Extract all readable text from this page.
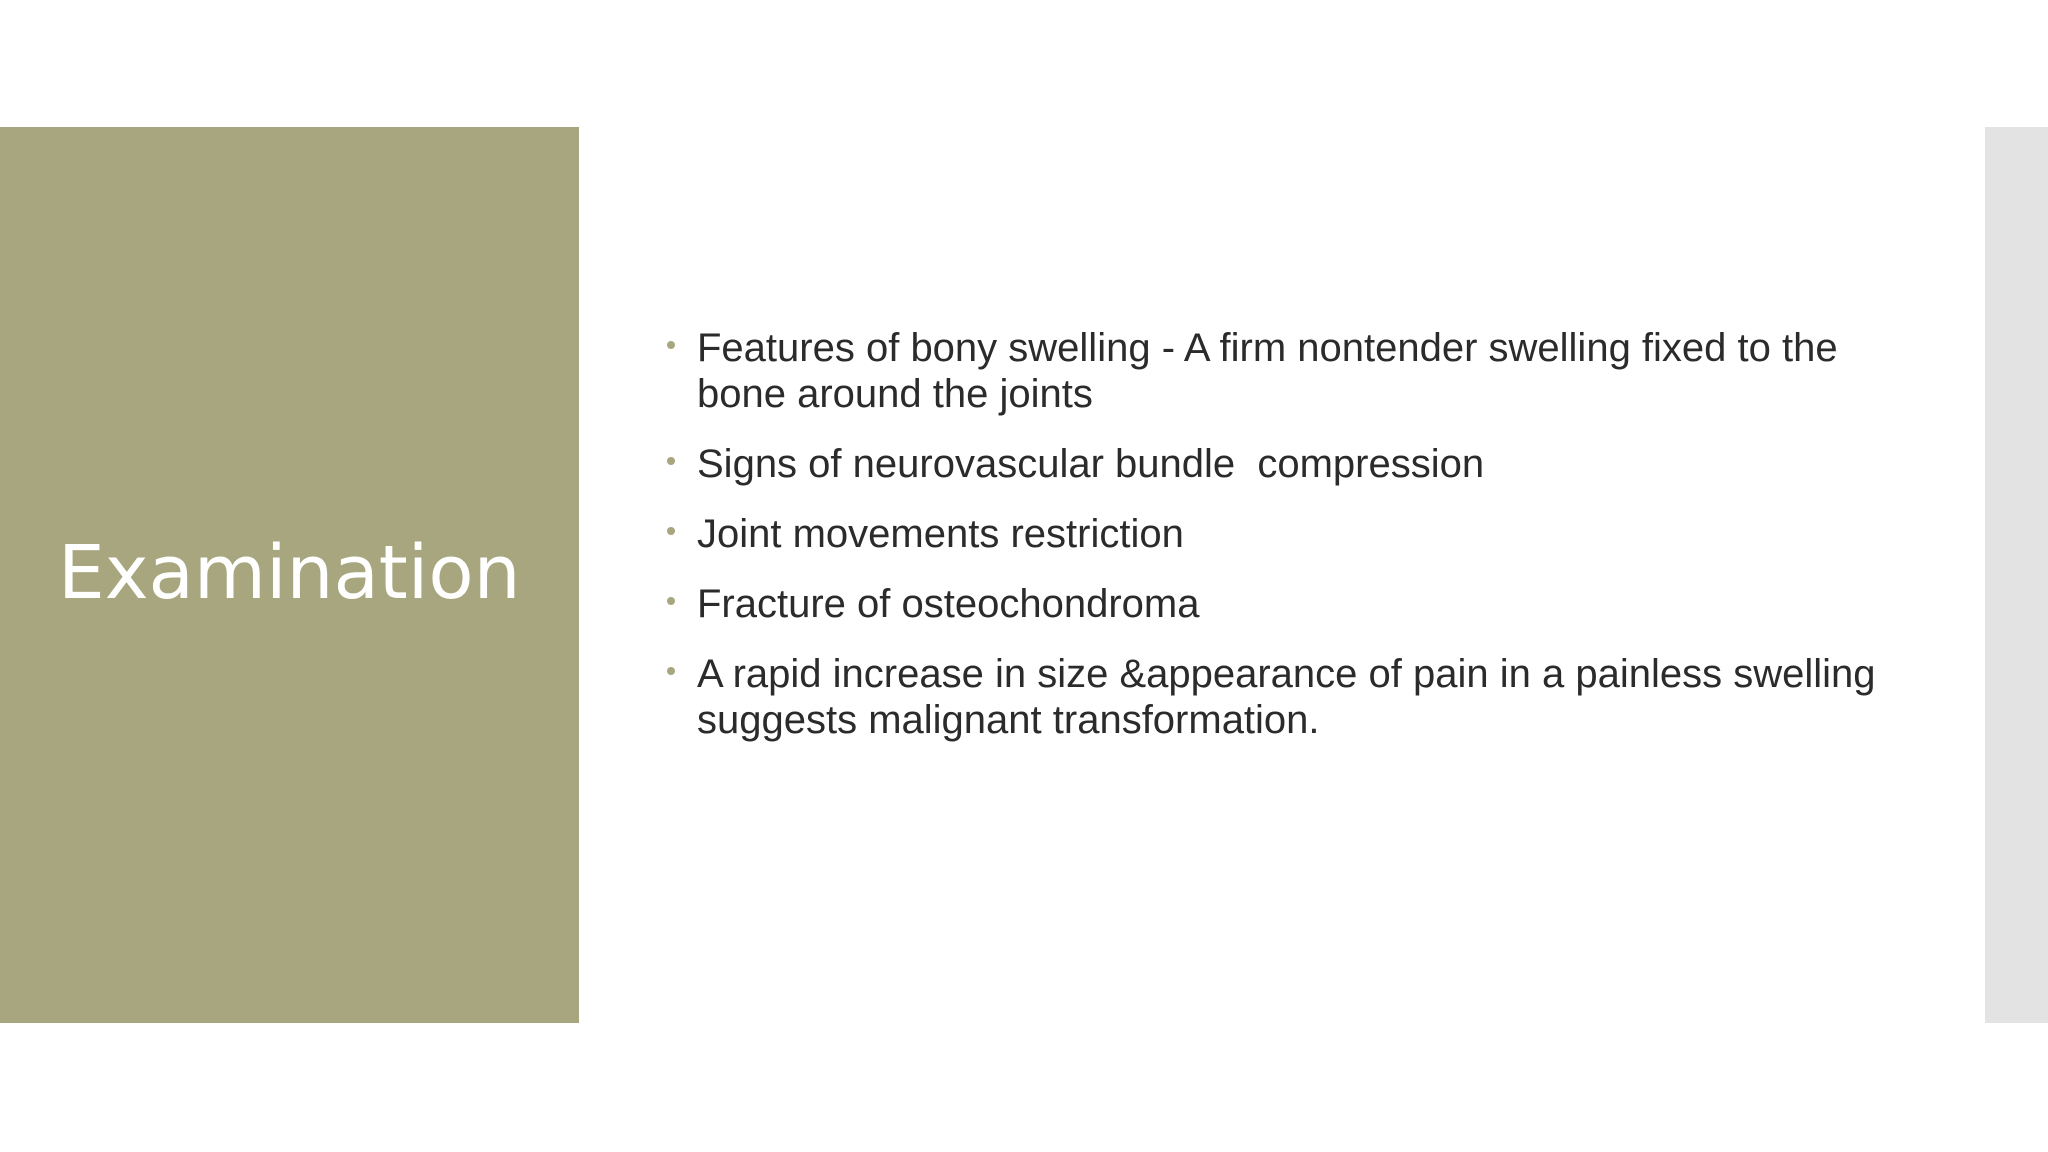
Examination
Features of bony swelling - A firm nontender swelling fixed to the bone around the joints
Signs of neurovascular bundle  compression
Joint movements restriction
Fracture of osteochondroma
A rapid increase in size &appearance of pain in a painless swelling suggests malignant transformation.
